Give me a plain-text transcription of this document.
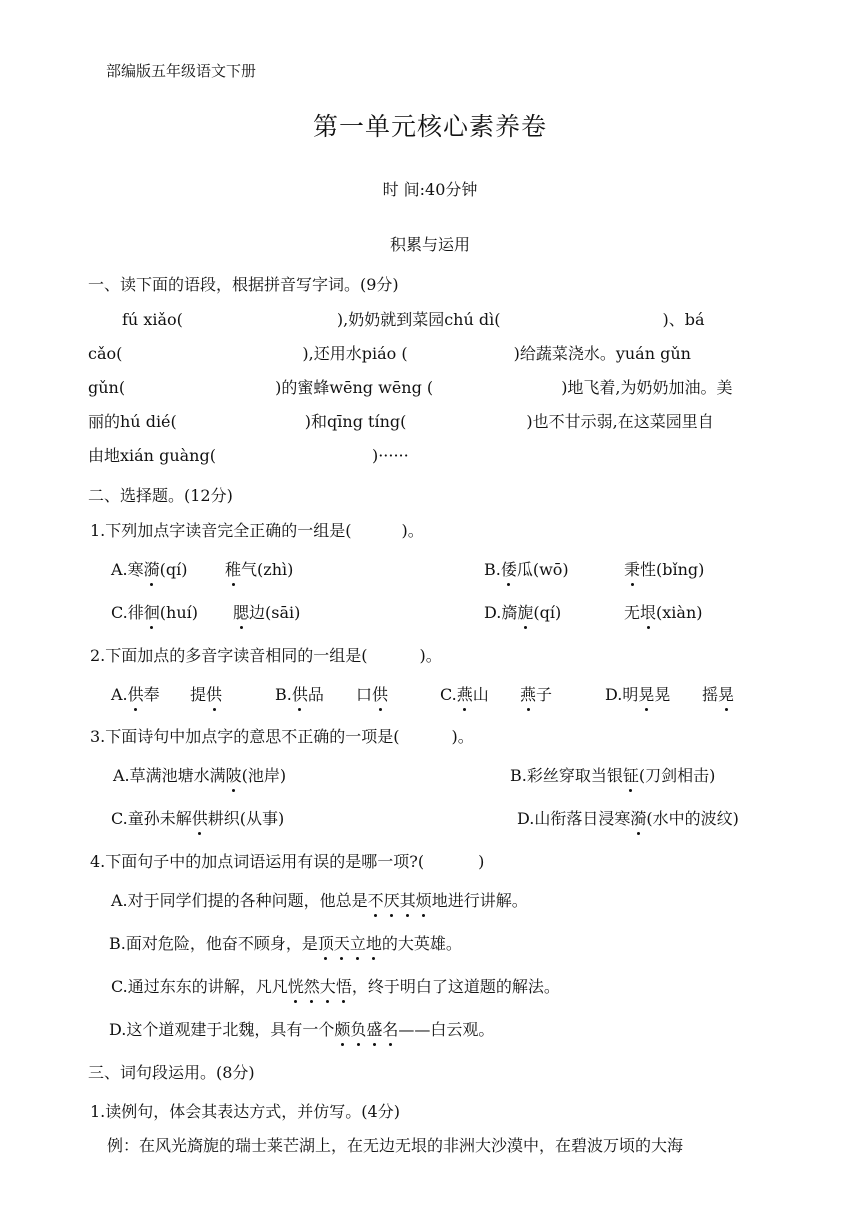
部编版五年级语文下册
第一单元核心素养卷
时 间:40分钟
积累与运用
一、读下面的语段，根据拼音写字词。(9分)
fú xiǎo(	),奶奶就到菜园chú dì(	)、bá
cǎo(	),还用水piáo (	)给蔬菜浇水。yuán gǔn
gǔn(	)的蜜蜂wēng wēng (	)地飞着,为奶奶加油。美
丽的hú dié(	)和qīng tíng(	)也不甘示弱,在这菜园里自
由地xián guàng(	)······
二、选择题。(12分)
1.下列加点字读音完全正确的一组是(	)。
A.寒漪(qí) 稚气(zhì)	B.倭瓜(wō)	秉性(bǐng)
C.徘徊(huí) 腮边(sāi)	D.旖旎(qí)	无垠(xiàn)
2.下面加点的多音字读音相同的一组是(	)。
A.供奉 提供	B.供品 口供	C.燕山 燕子	D.明晃晃 摇晃
3.下面诗句中加点字的意思不正确的一项是(	)。
A.草满池塘水满陂(池岸)	B.彩丝穿取当银钲(刀剑相击)
C.童孙未解供耕织(从事)	D.山衔落日浸寒漪(水中的波纹)
4.下面句子中的加点词语运用有误的是哪一项?(	)
A.对于同学们提的各种问题，他总是不厌其烦地进行讲解。
B.面对危险，他奋不顾身，是顶天立地的大英雄。
C.通过东东的讲解，凡凡恍然大悟，终于明白了这道题的解法。
D.这个道观建于北魏，具有一个颇负盛名——白云观。
三、词句段运用。(8分)
1.读例句，体会其表达方式，并仿写。(4分)
例：在风光旖旎的瑞士莱芒湖上，在无边无垠的非洲大沙漠中，在碧波万顷的大海
